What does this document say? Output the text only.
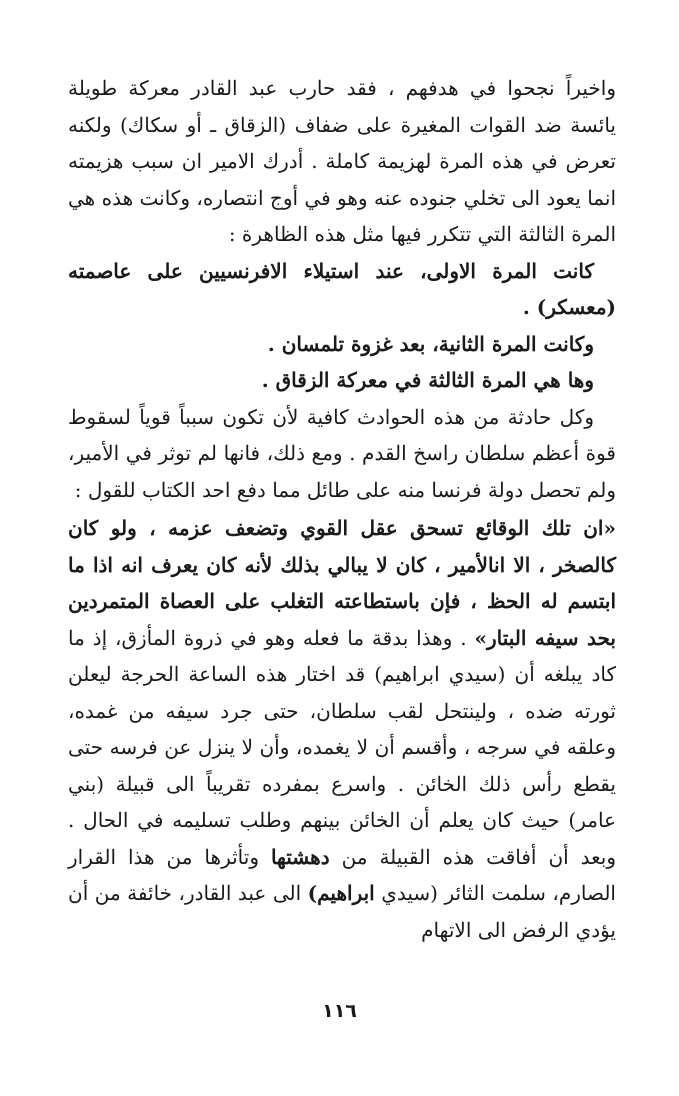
واخيراً نجحوا في هدفهم ، فقد حارب عبد القادر معركة طويلة يائسة ضد القوات المغيرة على ضفاف (الزقاق ـ أو سكاك) ولكنه تعرض في هذه المرة لهزيمة كاملة . أدرك الامير ان سبب هزيمته انما يعود الى تخلي جنوده عنه وهو في أوج انتصاره، وكانت هذه هي المرة الثالثة التي تتكرر فيها مثل هذه الظاهرة :

كانت المرة الاولى، عند استيلاء الافرنسيين على عاصمته (معسكر) .

وكانت المرة الثانية، بعد غزوة تلمسان .

وها هي المرة الثالثة في معركة الزقاق .

وكل حادثة من هذه الحوادث كافية لأن تكون سبباً قوياً لسقوط قوة أعظم سلطان راسخ القدم . ومع ذلك، فانها لم توثر في الأمير، ولم تحصل دولة فرنسا منه على طائل مما دفع احد الكتاب للقول :

«ان تلك الوقائع تسحق عقل القوي وتضعف عزمه ، ولو كان كالصخر ، الا انالأمير ، كان لا يبالي بذلك لأنه كان يعرف انه اذا ما ابتسم له الحظ ، فإن باستطاعته التغلب على العصاة المتمردين بحد سيفه البتار» . وهذا بدقة ما فعله وهو في ذروة المأزق، إذ ما كاد يبلغه أن (سيدي ابراهيم) قد اختار هذه الساعة الحرجة ليعلن ثورته ضده ، ولينتحل لقب سلطان، حتى جرد سيفه من غمده، وعلقه في سرجه ، وأقسم أن لا يغمده، وأن لا ينزل عن فرسه حتى يقطع رأس ذلك الخائن . واسرع بمفرده تقريباً الى قبيلة (بني عامر) حيث كان يعلم أن الخائن بينهم وطلب تسليمه في الحال . وبعد أن أفاقت هذه القبيلة من دهشتها وتأثرها من هذا القرار الصارم، سلمت الثائر (سيدي ابراهيم) الى عبد القادر، خائفة من أن يؤدي الرفض الى الاتهام

١١٦
